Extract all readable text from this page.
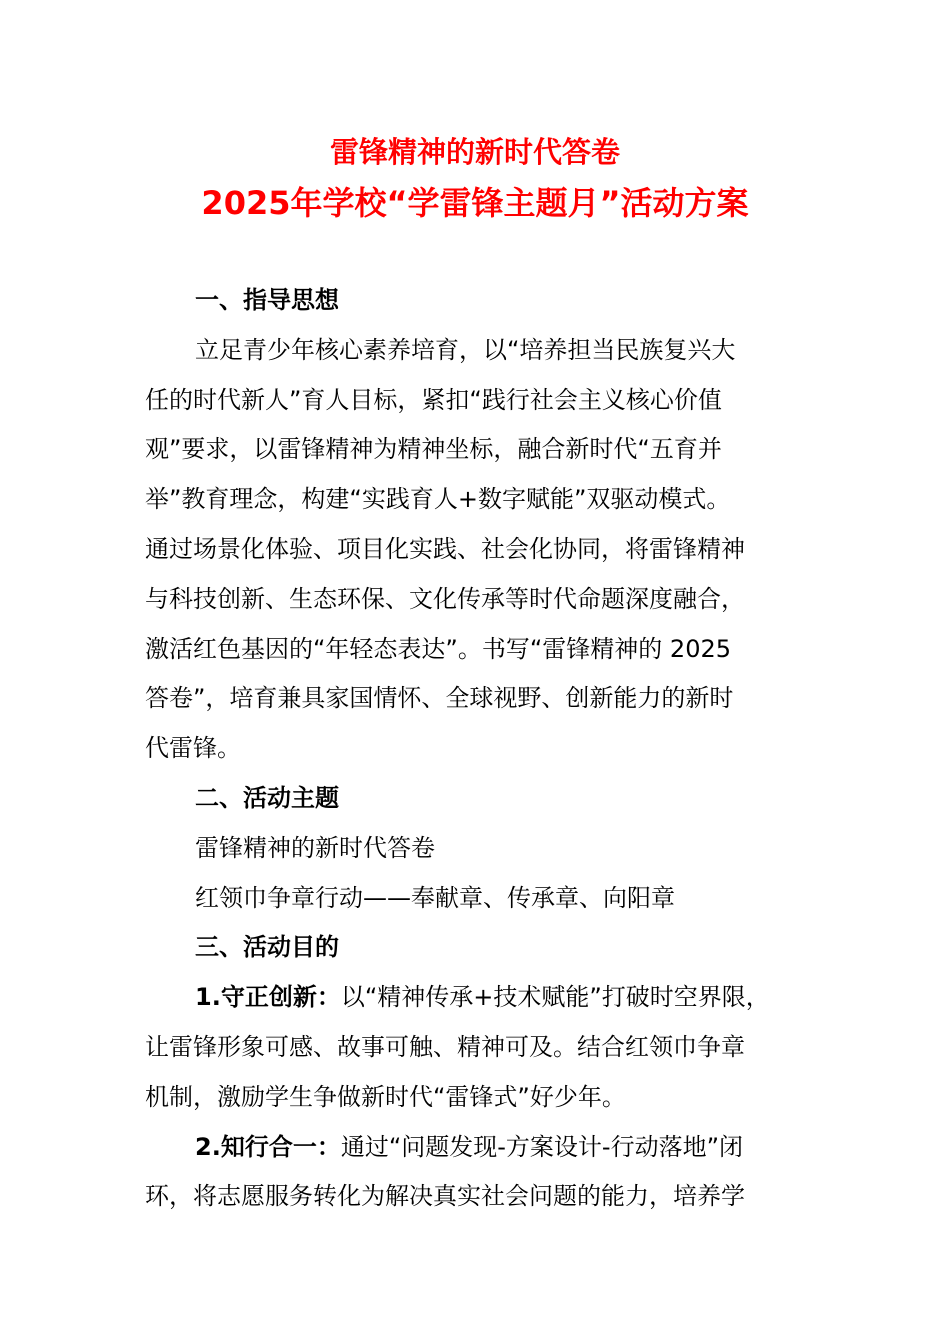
雷锋精神的新时代答卷
2025年学校“学雷锋主题月”活动方案
一、指导思想
立足青少年核心素养培育，以“培养担当民族复兴大
任的时代新人”育人目标，紧扣“践行社会主义核心价值
观”要求，以雷锋精神为精神坐标，融合新时代“五育并
举”教育理念，构建“实践育人+数字赋能”双驱动模式。
通过场景化体验、项目化实践、社会化协同，将雷锋精神
与科技创新、生态环保、文化传承等时代命题深度融合，
激活红色基因的“年轻态表达”。书写“雷锋精神的 2025
答卷”，培育兼具家国情怀、全球视野、创新能力的新时
代雷锋。
二、活动主题
雷锋精神的新时代答卷
红领巾争章行动——奉献章、传承章、向阳章
三、活动目的
1.守正创新：以“精神传承+技术赋能”打破时空界限，
让雷锋形象可感、故事可触、精神可及。结合红领巾争章
机制，激励学生争做新时代“雷锋式”好少年。
2.知行合一：通过“问题发现-方案设计-行动落地”闭
环，将志愿服务转化为解决真实社会问题的能力，培养学
